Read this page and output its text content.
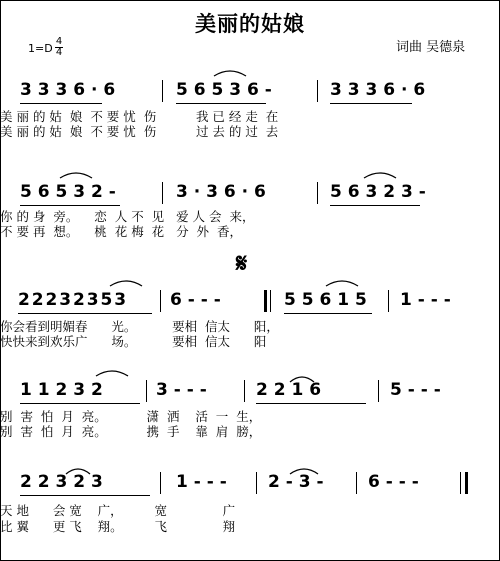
美丽的姑娘
词曲 吴德泉
1=D
4
4
3 3 3 6 · 6	5 6 5 3 6 -	3 3 3 6 · 6
美 丽 的 姑  娘  不 要 忧  伤          我 已 经 走  在
美 丽 的 姑  娘  不 要 忧  伤          过 去 的 过  去
5 6 5 3 2 -	3 · 3 6 · 6	5 6 3 2 3 -
你 的 身  旁。    恋  人 不  见   爱 人 会  来，
不 要 再  想。    桃  花 梅  花   分  外  香，
𝄋
2 2 2 3 2 3 5 3	6 - - -	5 5 6 1 5 1 - - -
你会看到明媚春      光。         要相  信太      阳，
快快来到欢乐广      场。         要相  信太      阳
1 1 2 3 2	3 - - -	2 2 1 6	5 - - -
别  害  怕  月  亮。          潇  洒    活  一  生，
别  害  怕  月  亮。          携  手    靠  肩  膀，
2 2 3 2 3	1 - - - 2 - 3 -	6 - - -
天 地      会 宽    广，        宽              广
比 翼      更 飞    翔。        飞              翔
